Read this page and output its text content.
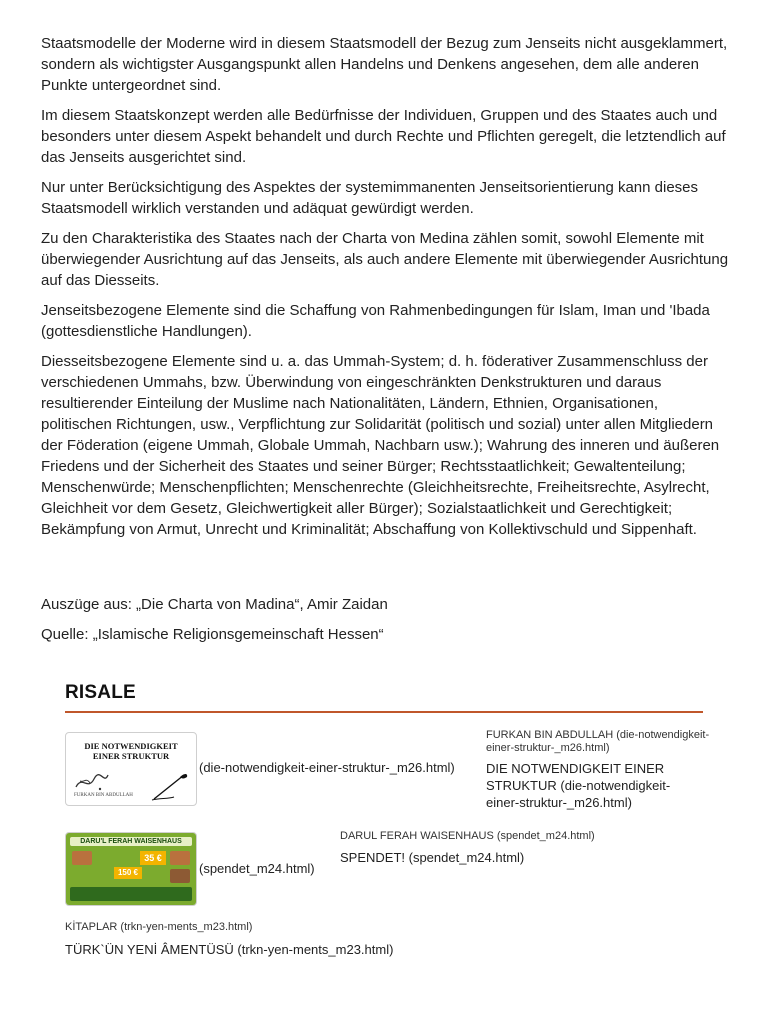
Staatsmodelle der Moderne wird in diesem Staatsmodell der Bezug zum Jenseits nicht ausgeklammert, sondern als wichtigster Ausgangspunkt allen Handelns und Denkens angesehen, dem alle anderen Punkte untergeordnet sind.

Im diesem Staatskonzept werden alle Bedürfnisse der Individuen, Gruppen und des Staates auch und besonders unter diesem Aspekt behandelt und durch Rechte und Pflichten geregelt, die letztendlich auf das Jenseits ausgerichtet sind.

Nur unter Berücksichtigung des Aspektes der systemimmanenten Jenseitsorientierung kann dieses Staatsmodell wirklich verstanden und adäquat gewürdigt werden.

Zu den Charakteristika des Staates nach der Charta von Medina zählen somit, sowohl Elemente mit überwiegender Ausrichtung auf das Jenseits, als auch andere Elemente mit überwiegender Ausrichtung auf das Diesseits.

Jenseitsbezogene Elemente sind die Schaffung von Rahmenbedingungen für Islam, Iman und 'Ibada (gottesdienstliche Handlungen).

Diesseitsbezogene Elemente sind u. a. das Ummah-System; d. h. föderativer Zusammenschluss der verschiedenen Ummahs, bzw. Überwindung von eingeschränkten Denkstrukturen und daraus resultierender Einteilung der Muslime nach Nationalitäten, Ländern, Ethnien, Organisationen, politischen Richtungen, usw., Verpflichtung zur Solidarität (politisch und sozial) unter allen Mitgliedern der Föderation (eigene Ummah, Globale Ummah, Nachbarn usw.); Wahrung des inneren und äußeren Friedens und der Sicherheit des Staates und seiner Bürger; Rechtsstaatlichkeit; Gewaltenteilung; Menschenwürde; Menschenpflichten; Menschenrechte (Gleichheitsrechte, Freiheitsrechte, Asylrecht, Gleichheit vor dem Gesetz, Gleichwertigkeit aller Bürger); Sozialstaatlichkeit und Gerechtigkeit; Bekämpfung von Armut, Unrecht und Kriminalität; Abschaffung von Kollektivschuld und Sippenhaft.

Auszüge aus: „Die Charta von Madina“, Amir Zaidan

Quelle: „Islamische Religionsgemeinschaft Hessen“

RISALE
DIE NOTWENDIGKEIT
EINER STRUKTUR
FURKAN BIN ABDULLAH
(die-notwendigkeit-einer-struktur-_m26.html)
FURKAN BIN ABDULLAH (die-notwendigkeit-einer-struktur-_m26.html)
DIE NOTWENDIGKEIT EINER STRUKTUR (die-notwendigkeit-einer-struktur-_m26.html)
DARU'L FERAH WAISENHAUS
35 €
150 €	(spendet_m24.html)
DARUL FERAH WAISENHAUS (spendet_m24.html)
SPENDET! (spendet_m24.html)
KİTAPLAR (trkn-yen-ments_m23.html)
TÜRK`ÜN YENİ ÂMENTÜSÜ (trkn-yen-ments_m23.html)
